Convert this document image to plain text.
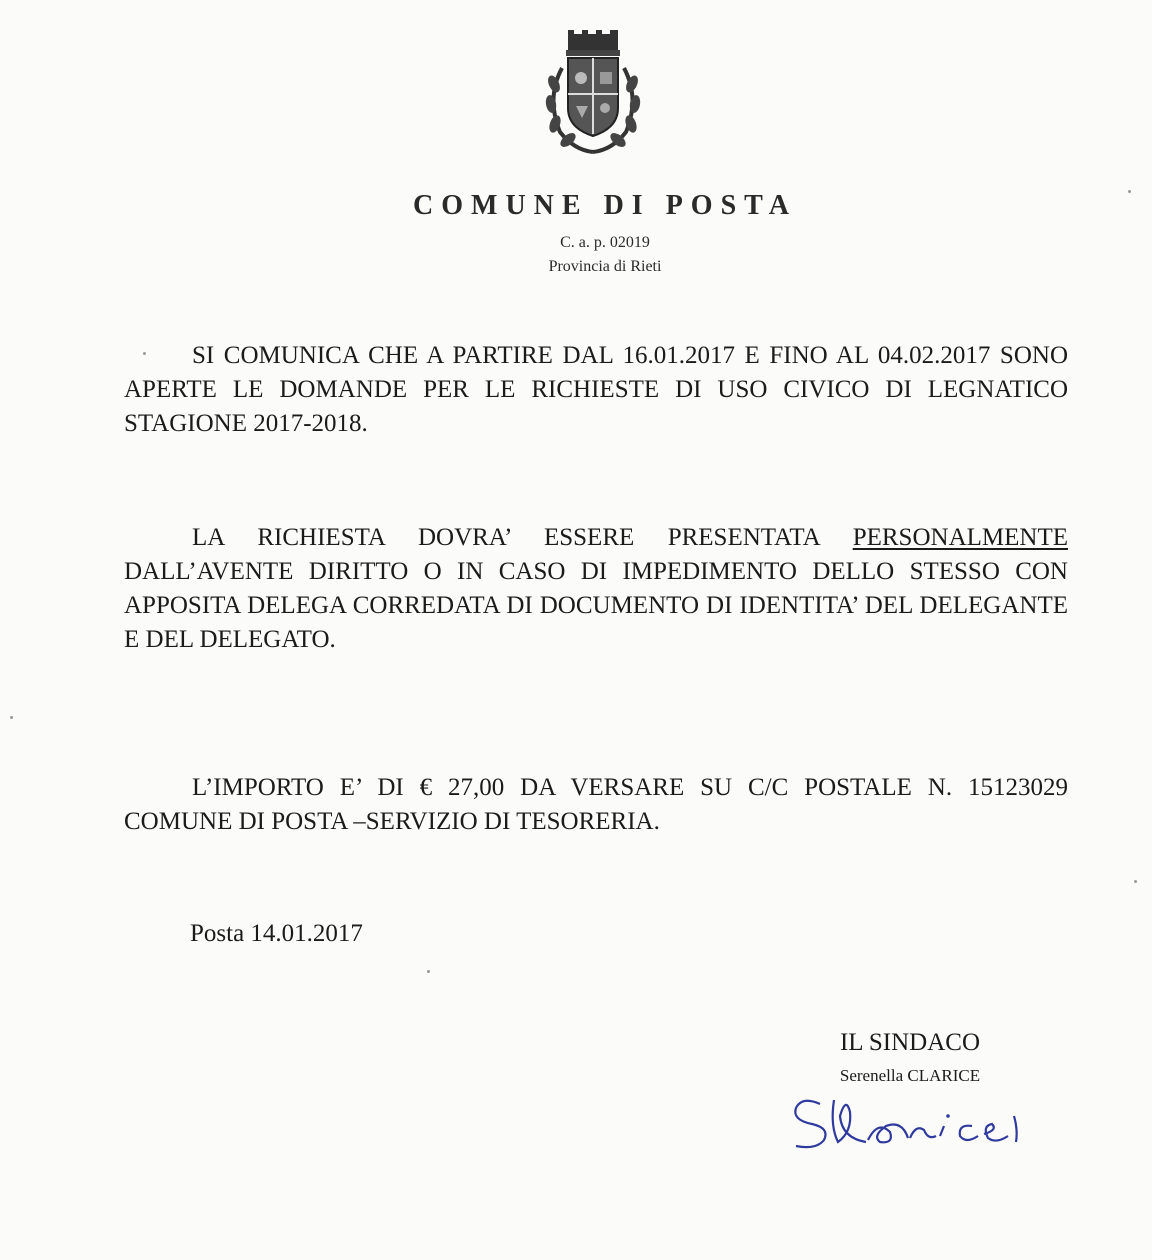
COMUNE DI POSTA
C. a. p. 02019
Provincia di Rieti
SI COMUNICA CHE A PARTIRE DAL 16.01.2017 E FINO AL 04.02.2017 SONO APERTE LE DOMANDE PER LE RICHIESTE DI USO CIVICO DI LEGNATICO STAGIONE 2017-2018.
LA RICHIESTA DOVRA’ ESSERE PRESENTATA PERSONALMENTE DALL’AVENTE DIRITTO O IN CASO DI IMPEDIMENTO DELLO STESSO CON APPOSITA DELEGA CORREDATA DI DOCUMENTO DI IDENTITA’ DEL DELEGANTE E DEL DELEGATO.
L’IMPORTO E’ DI € 27,00 DA VERSARE SU C/C POSTALE N. 15123029 COMUNE DI POSTA –SERVIZIO DI TESORERIA.
Posta 14.01.2017
IL SINDACO
Serenella CLARICE
